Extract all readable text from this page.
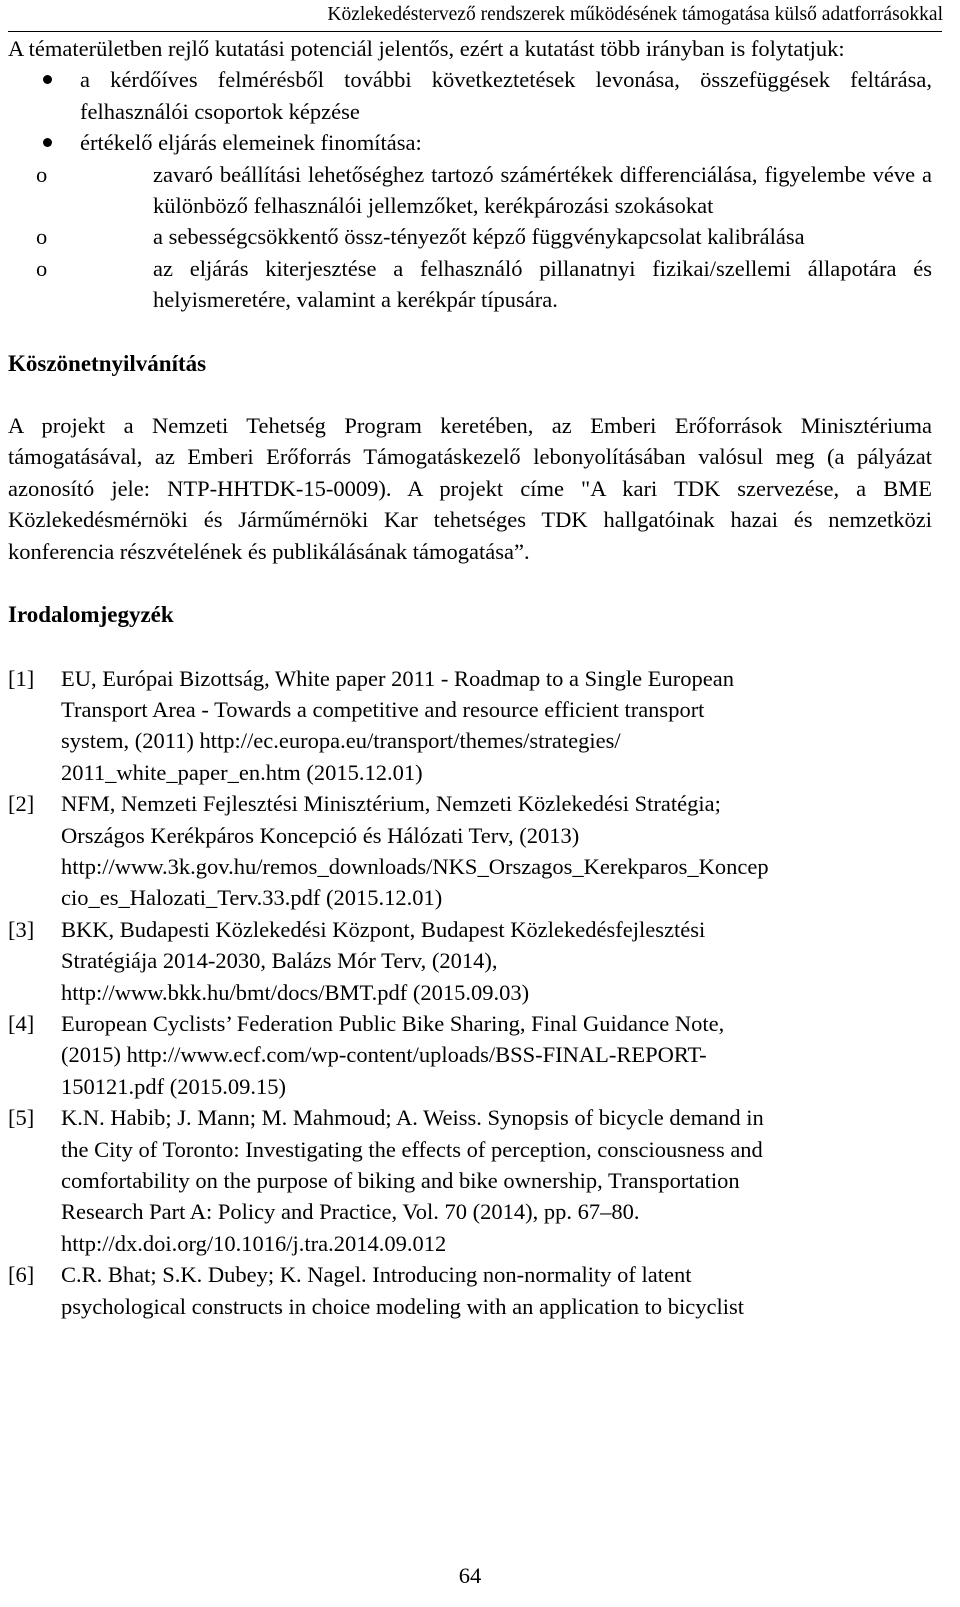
Közlekedéstervező rendszerek működésének támogatása külső adatforrásokkal

A tématerületben rejlő kutatási potenciál jelentős, ezért a kutatást több irányban is folytatjuk:

a kérdőíves felmérésből további következtetések levonása, összefüggések feltárása, felhasználói csoportok képzése
értékelő eljárás elemeinek finomítása:
o	zavaró beállítási lehetőséghez tartozó számértékek differenciálása, figyelembe véve a különböző felhasználói jellemzőket, kerékpározási szokásokat
o	a sebességcsökkentő össz-tényezőt képző függvénykapcsolat kalibrálása
o	az eljárás kiterjesztése a felhasználó pillanatnyi fizikai/szellemi állapotára és helyismeretére, valamint a kerékpár típusára.
Köszönetnyilvánítás

A projekt a Nemzeti Tehetség Program keretében, az Emberi Erőforrások Minisztériuma támogatásával, az Emberi Erőforrás Támogatáskezelő lebonyolításában valósul meg (a pályázat azonosító jele: NTP-HHTDK-15-0009). A projekt címe "A kari TDK szervezése, a BME Közlekedésmérnöki és Járműmérnöki Kar tehetséges TDK hallgatóinak hazai és nemzetközi konferencia részvételének és publikálásának támogatása”.

Irodalomjegyzék
[1] EU, Európai Bizottság, White paper 2011 - Roadmap to a Single European
Transport Area - Towards a competitive and resource efficient transport
system, (2011) http://ec.europa.eu/transport/themes/strategies/
2011_white_paper_en.htm (2015.12.01)
[2] NFM, Nemzeti Fejlesztési Minisztérium, Nemzeti Közlekedési Stratégia;
Országos Kerékpáros Koncepció és Hálózati Terv, (2013)
http://www.3k.gov.hu/remos_downloads/NKS_Orszagos_Kerekparos_Koncep
cio_es_Halozati_Terv.33.pdf (2015.12.01)
[3] BKK, Budapesti Közlekedési Központ, Budapest Közlekedésfejlesztési
Stratégiája 2014-2030, Balázs Mór Terv, (2014),
http://www.bkk.hu/bmt/docs/BMT.pdf (2015.09.03)
[4] European Cyclists’ Federation Public Bike Sharing, Final Guidance Note,
(2015) http://www.ecf.com/wp-content/uploads/BSS-FINAL-REPORT-
150121.pdf (2015.09.15)
[5] K.N. Habib; J. Mann; M. Mahmoud; A. Weiss. Synopsis of bicycle demand in
the City of Toronto: Investigating the effects of perception, consciousness and
comfortability on the purpose of biking and bike ownership, Transportation
Research Part A: Policy and Practice, Vol. 70 (2014), pp. 67–80.
http://dx.doi.org/10.1016/j.tra.2014.09.012
[6] C.R. Bhat; S.K. Dubey; K. Nagel. Introducing non-normality of latent
psychological constructs in choice modeling with an application to bicyclist
64
